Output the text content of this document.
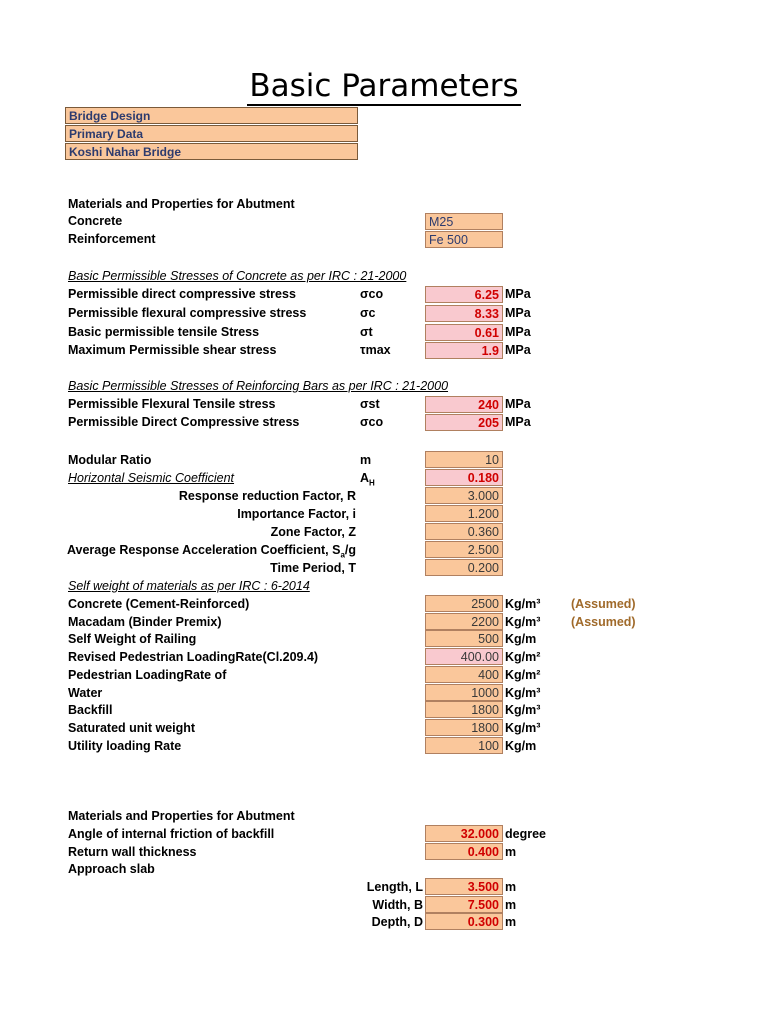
Basic Parameters
Bridge Design
Primary Data
Koshi Nahar Bridge
Materials and Properties for Abutment
Concrete	M25
Reinforcement	Fe 500
Basic Permissible Stresses of Concrete as per IRC : 21-2000
Permissible direct compressive stress	σco	6.25 MPa
Permissible flexural compressive stress	σc	8.33 MPa
Basic permissible tensile Stress	σt	0.61 MPa
Maximum Permissible shear stress	τmax	1.9 MPa
Basic Permissible Stresses of Reinforcing Bars as per IRC : 21-2000
Permissible Flexural Tensile stress	σst	240 MPa
Permissible Direct Compressive stress	σco	205 MPa
Modular Ratio	m	10
Horizontal Seismic Coefficient	$A_H$	0.180
Response reduction Factor, R	3.000
Importance Factor, i	1.200
Zone Factor, Z	0.360
Average Response Acceleration Coefficient, $S_a/g$	2.500
Time Period, T	0.200
Self weight of materials as per IRC : 6-2014
Concrete (Cement-Reinforced)	2500 Kg/m³ (Assumed)
Macadam (Binder Premix)	2200 Kg/m³ (Assumed)
Self Weight of Railing	500 Kg/m
Revised Pedestrian LoadingRate(Cl.209.4)	400.00 Kg/m²
Pedestrian LoadingRate of	400 Kg/m²
Water	1000 Kg/m³
Backfill	1800 Kg/m³
Saturated unit weight	1800 Kg/m³
Utility loading Rate	100 Kg/m
Materials and Properties for Abutment
Angle of internal friction of backfill	32.000 degree
Return wall thickness	0.400 m
Approach slab
Length, L	3.500 m
Width, B	7.500 m
Depth, D	0.300 m
